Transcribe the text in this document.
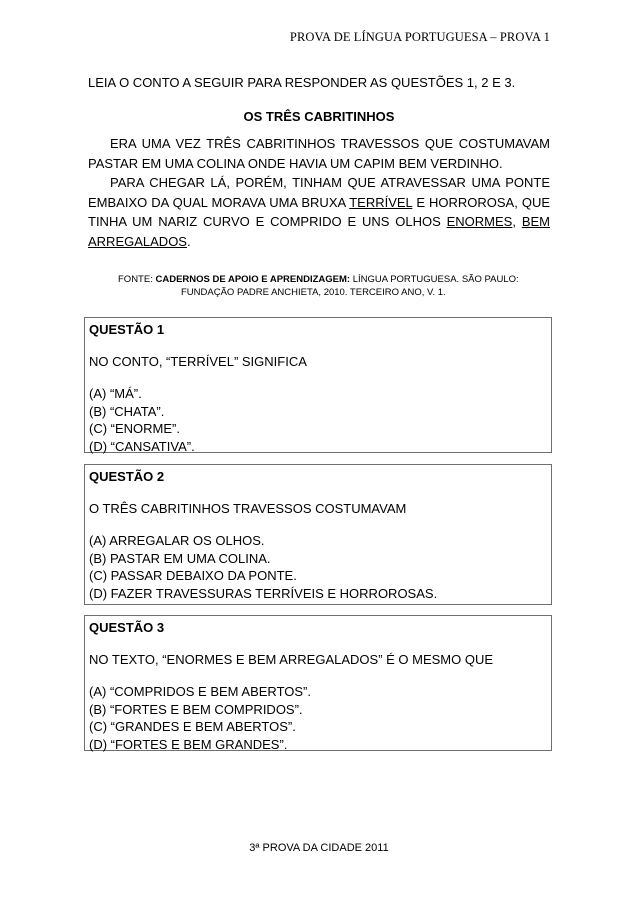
PROVA DE LÍNGUA PORTUGUESA – PROVA 1
LEIA O CONTO A SEGUIR PARA RESPONDER AS QUESTÕES 1, 2 E 3.
OS TRÊS CABRITINHOS

ERA UMA VEZ TRÊS CABRITINHOS TRAVESSOS QUE COSTUMAVAM PASTAR EM UMA COLINA ONDE HAVIA UM CAPIM BEM VERDINHO.

PARA CHEGAR LÁ, PORÉM, TINHAM QUE ATRAVESSAR UMA PONTE EMBAIXO DA QUAL MORAVA UMA BRUXA TERRÍVEL E HORROROSA, QUE TINHA UM NARIZ CURVO E COMPRIDO E UNS OLHOS ENORMES, BEM ARREGALADOS.

FONTE: CADERNOS DE APOIO E APRENDIZAGEM: LÍNGUA PORTUGUESA. SÃO PAULO:
FUNDAÇÃO PADRE ANCHIETA, 2010. TERCEIRO ANO, V. 1.
QUESTÃO 1
NO CONTO, “TERRÍVEL” SIGNIFICA
(A) “MÁ”.
(B) “CHATA”.
(C) “ENORME”.
(D) “CANSATIVA”.
QUESTÃO 2
O TRÊS CABRITINHOS TRAVESSOS COSTUMAVAM
(A) ARREGALAR OS OLHOS.
(B) PASTAR EM UMA COLINA.
(C) PASSAR DEBAIXO DA PONTE.
(D) FAZER TRAVESSURAS TERRÍVEIS E HORROROSAS.
QUESTÃO 3
NO TEXTO, “ENORMES E BEM ARREGALADOS” É O MESMO QUE
(A) “COMPRIDOS E BEM ABERTOS”.
(B) “FORTES E BEM COMPRIDOS”.
(C) “GRANDES E BEM ABERTOS”.
(D) “FORTES E BEM GRANDES”.
3ª PROVA DA CIDADE 2011
